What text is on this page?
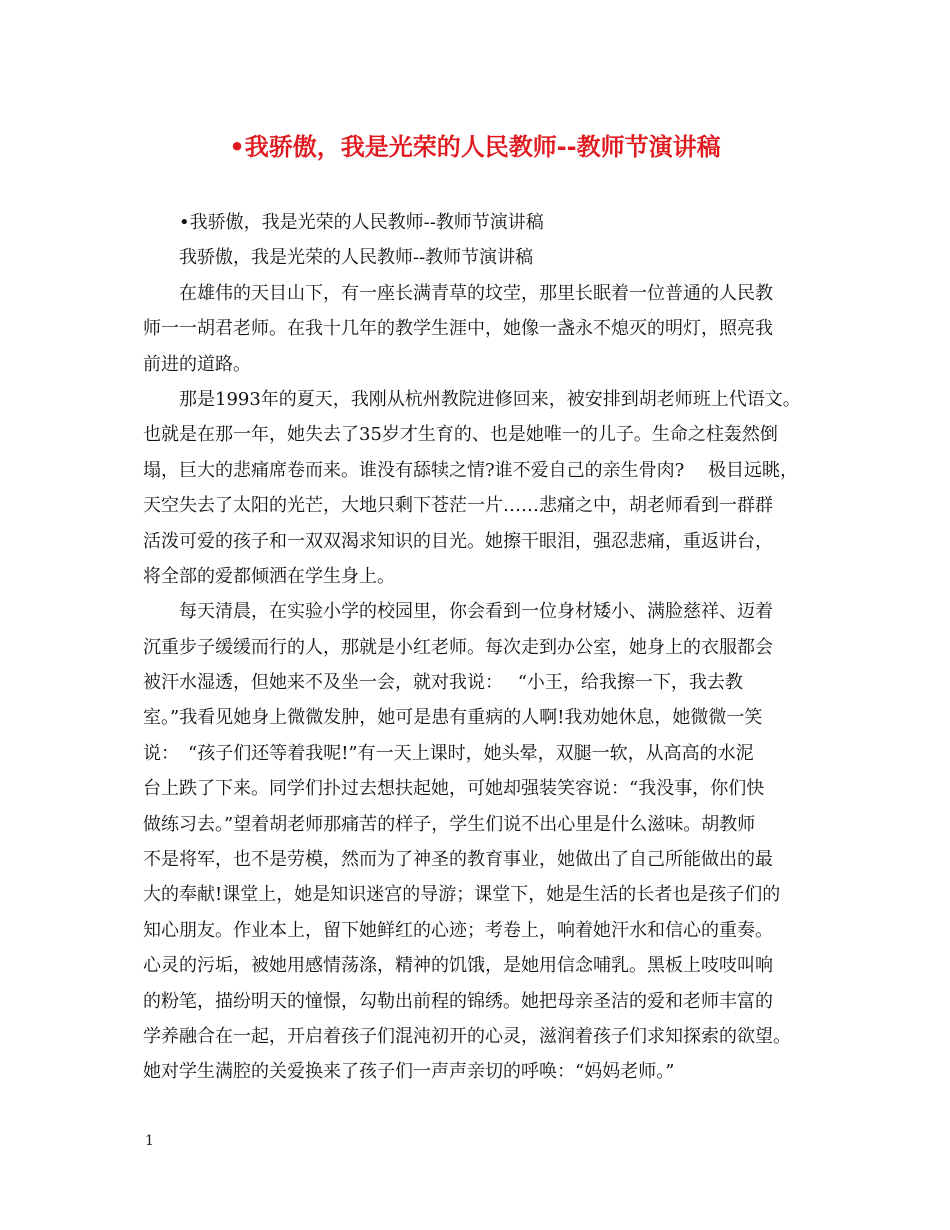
•我骄傲，我是光荣的人民教师--教师节演讲稿
•我骄傲，我是光荣的人民教师--教师节演讲稿
我骄傲，我是光荣的人民教师--教师节演讲稿
在雄伟的天目山下，有一座长满青草的坟茔，那里长眠着一位普通的人民教
师一一胡君老师。在我十几年的教学生涯中，她像一盏永不熄灭的明灯，照亮我
前进的道路。
那是1993年的夏天，我刚从杭州教院进修回来，被安排到胡老师班上代语文。
也就是在那一年，她失去了35岁才生育的、也是她唯一的儿子。生命之柱轰然倒
塌，巨大的悲痛席卷而来。谁没有舔犊之情?谁不爱自己的亲生骨肉?　 极目远眺，
天空失去了太阳的光芒，大地只剩下苍茫一片……悲痛之中，胡老师看到一群群
活泼可爱的孩子和一双双渴求知识的目光。她擦干眼泪，强忍悲痛，重返讲台，
将全部的爱都倾洒在学生身上。
每天清晨，在实验小学的校园里，你会看到一位身材矮小、满脸慈祥、迈着
沉重步子缓缓而行的人，那就是小红老师。每次走到办公室，她身上的衣服都会
被汗水湿透，但她来不及坐一会，就对我说：　 “小王，给我擦一下，我去教
室。”我看见她身上微微发肿，她可是患有重病的人啊!我劝她休息，她微微一笑
说：　“孩子们还等着我呢!”有一天上课时，她头晕，双腿一软，从高高的水泥
台上跌了下来。同学们扑过去想扶起她，可她却强装笑容说：“我没事，你们快
做练习去。”望着胡老师那痛苦的样子，学生们说不出心里是什么滋味。胡教师
不是将军，也不是劳模，然而为了神圣的教育事业，她做出了自己所能做出的最
大的奉献!课堂上，她是知识迷宫的导游；课堂下，她是生活的长者也是孩子们的
知心朋友。作业本上，留下她鲜红的心迹；考卷上，响着她汗水和信心的重奏。
心灵的污垢，被她用感情荡涤，精神的饥饿，是她用信念哺乳。黑板上吱吱叫响
的粉笔，描纷明天的憧憬，勾勒出前程的锦绣。她把母亲圣洁的爱和老师丰富的
学养融合在一起，开启着孩子们混沌初开的心灵，滋润着孩子们求知探索的欲望。
她对学生满腔的关爱换来了孩子们一声声亲切的呼唤：“妈妈老师。”
1
